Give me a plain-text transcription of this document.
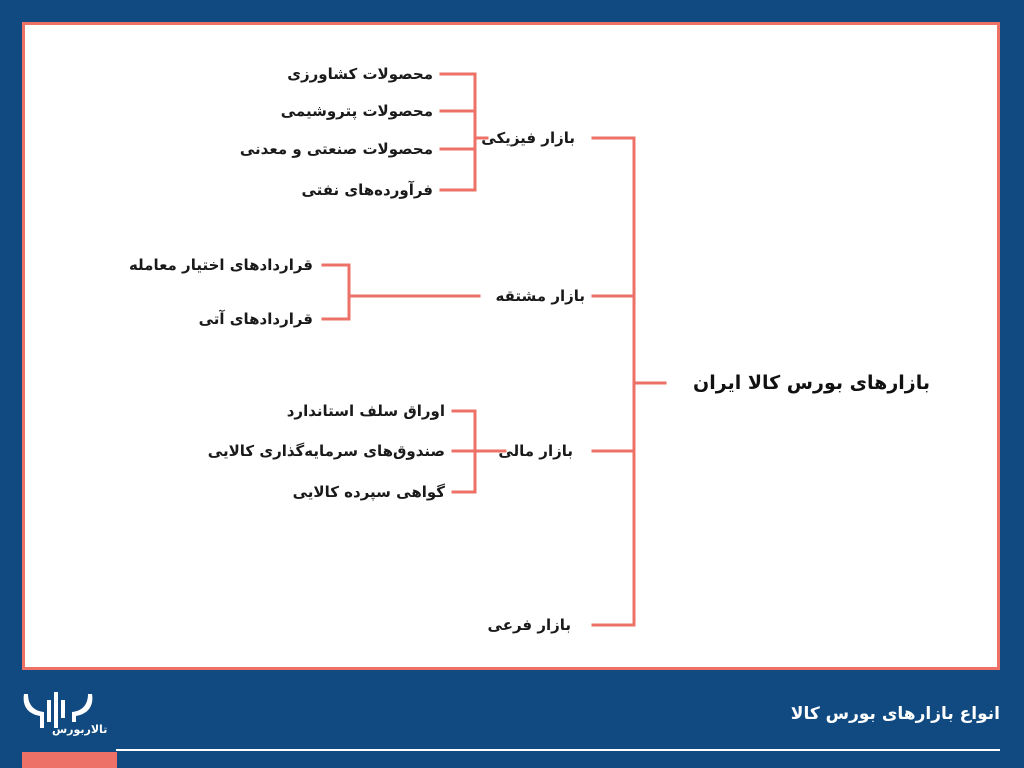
بازارهای بورس کالا ایران
بازار فیزیکی
محصولات کشاورزی
محصولات پتروشیمی
محصولات صنعتی و معدنی
فرآورده‌های نفتی
بازار مشتقه
قراردادهای اختیار معامله
قراردادهای آتی
بازار مالی
اوراق سلف استاندارد
صندوق‌های سرمایه‌گذاری کالایی
گواهی سپرده کالایی
بازار فرعی
تالاربورس
انواع بازارهای بورس کالا
